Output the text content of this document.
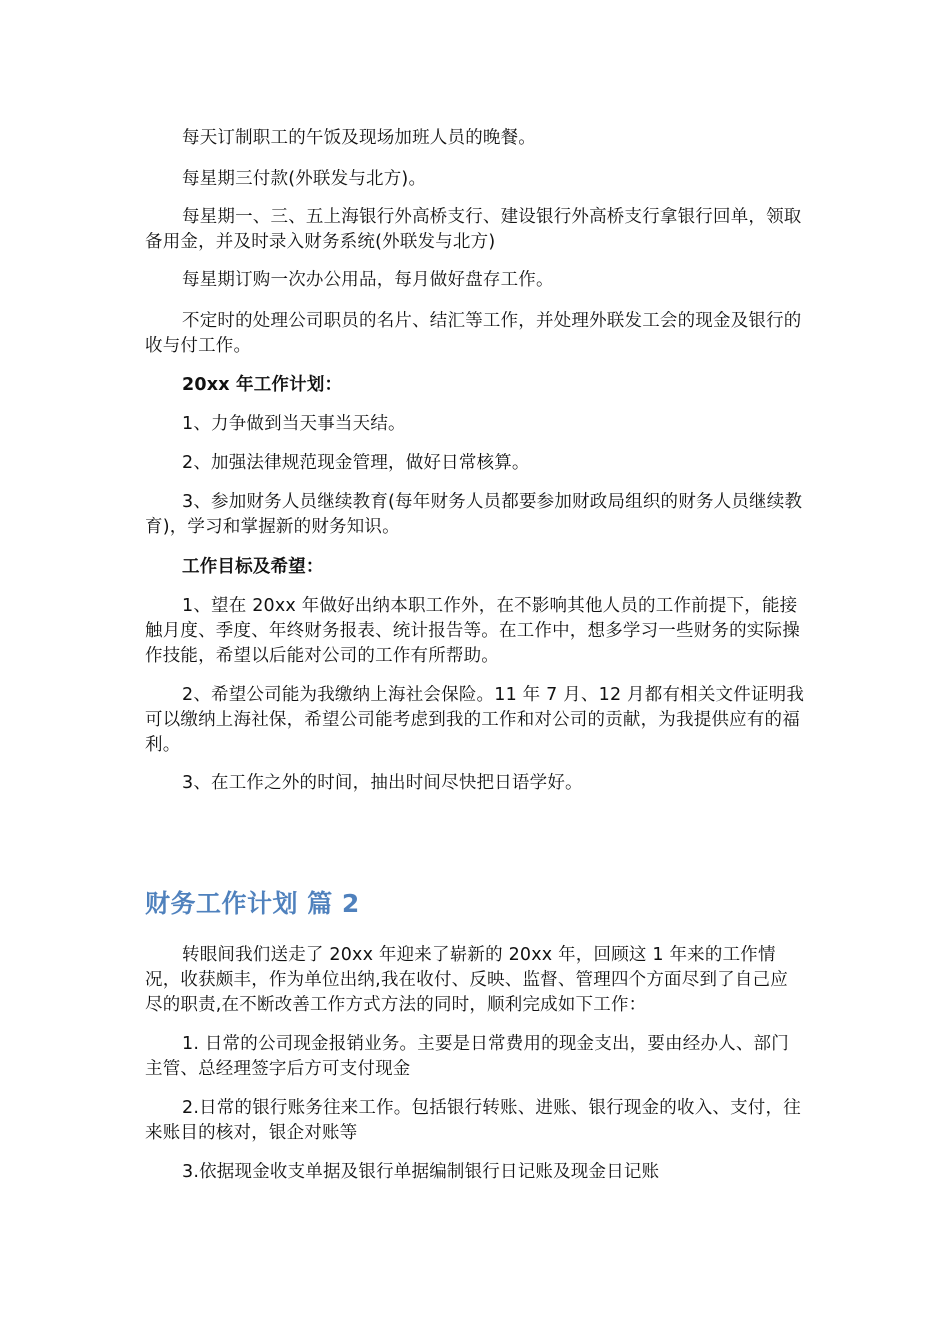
每天订制职工的午饭及现场加班人员的晚餐。

每星期三付款(外联发与北方)。

每星期一、三、五上海银行外高桥支行、建设银行外高桥支行拿银行回单，领取备用金，并及时录入财务系统(外联发与北方)

每星期订购一次办公用品，每月做好盘存工作。

不定时的处理公司职员的名片、结汇等工作，并处理外联发工会的现金及银行的收与付工作。

20xx 年工作计划：

1、力争做到当天事当天结。

2、加强法律规范现金管理，做好日常核算。

3、参加财务人员继续教育(每年财务人员都要参加财政局组织的财务人员继续教育)，学习和掌握新的财务知识。

工作目标及希望：

1、望在 20xx 年做好出纳本职工作外，在不影响其他人员的工作前提下，能接触月度、季度、年终财务报表、统计报告等。在工作中，想多学习一些财务的实际操作技能，希望以后能对公司的工作有所帮助。

2、希望公司能为我缴纳上海社会保险。11 年 7 月、12 月都有相关文件证明我可以缴纳上海社保，希望公司能考虑到我的工作和对公司的贡献，为我提供应有的福利。

3、在工作之外的时间，抽出时间尽快把日语学好。

财务工作计划 篇 2

转眼间我们送走了 20xx 年迎来了崭新的 20xx 年，回顾这 1 年来的工作情况，收获颇丰，作为单位出纳,我在收付、反映、监督、管理四个方面尽到了自己应尽的职责,在不断改善工作方式方法的同时，顺利完成如下工作：

1. 日常的公司现金报销业务。主要是日常费用的现金支出，要由经办人、部门主管、总经理签字后方可支付现金

2.日常的银行账务往来工作。包括银行转账、进账、银行现金的收入、支付，往来账目的核对，银企对账等

3.依据现金收支单据及银行单据编制银行日记账及现金日记账
